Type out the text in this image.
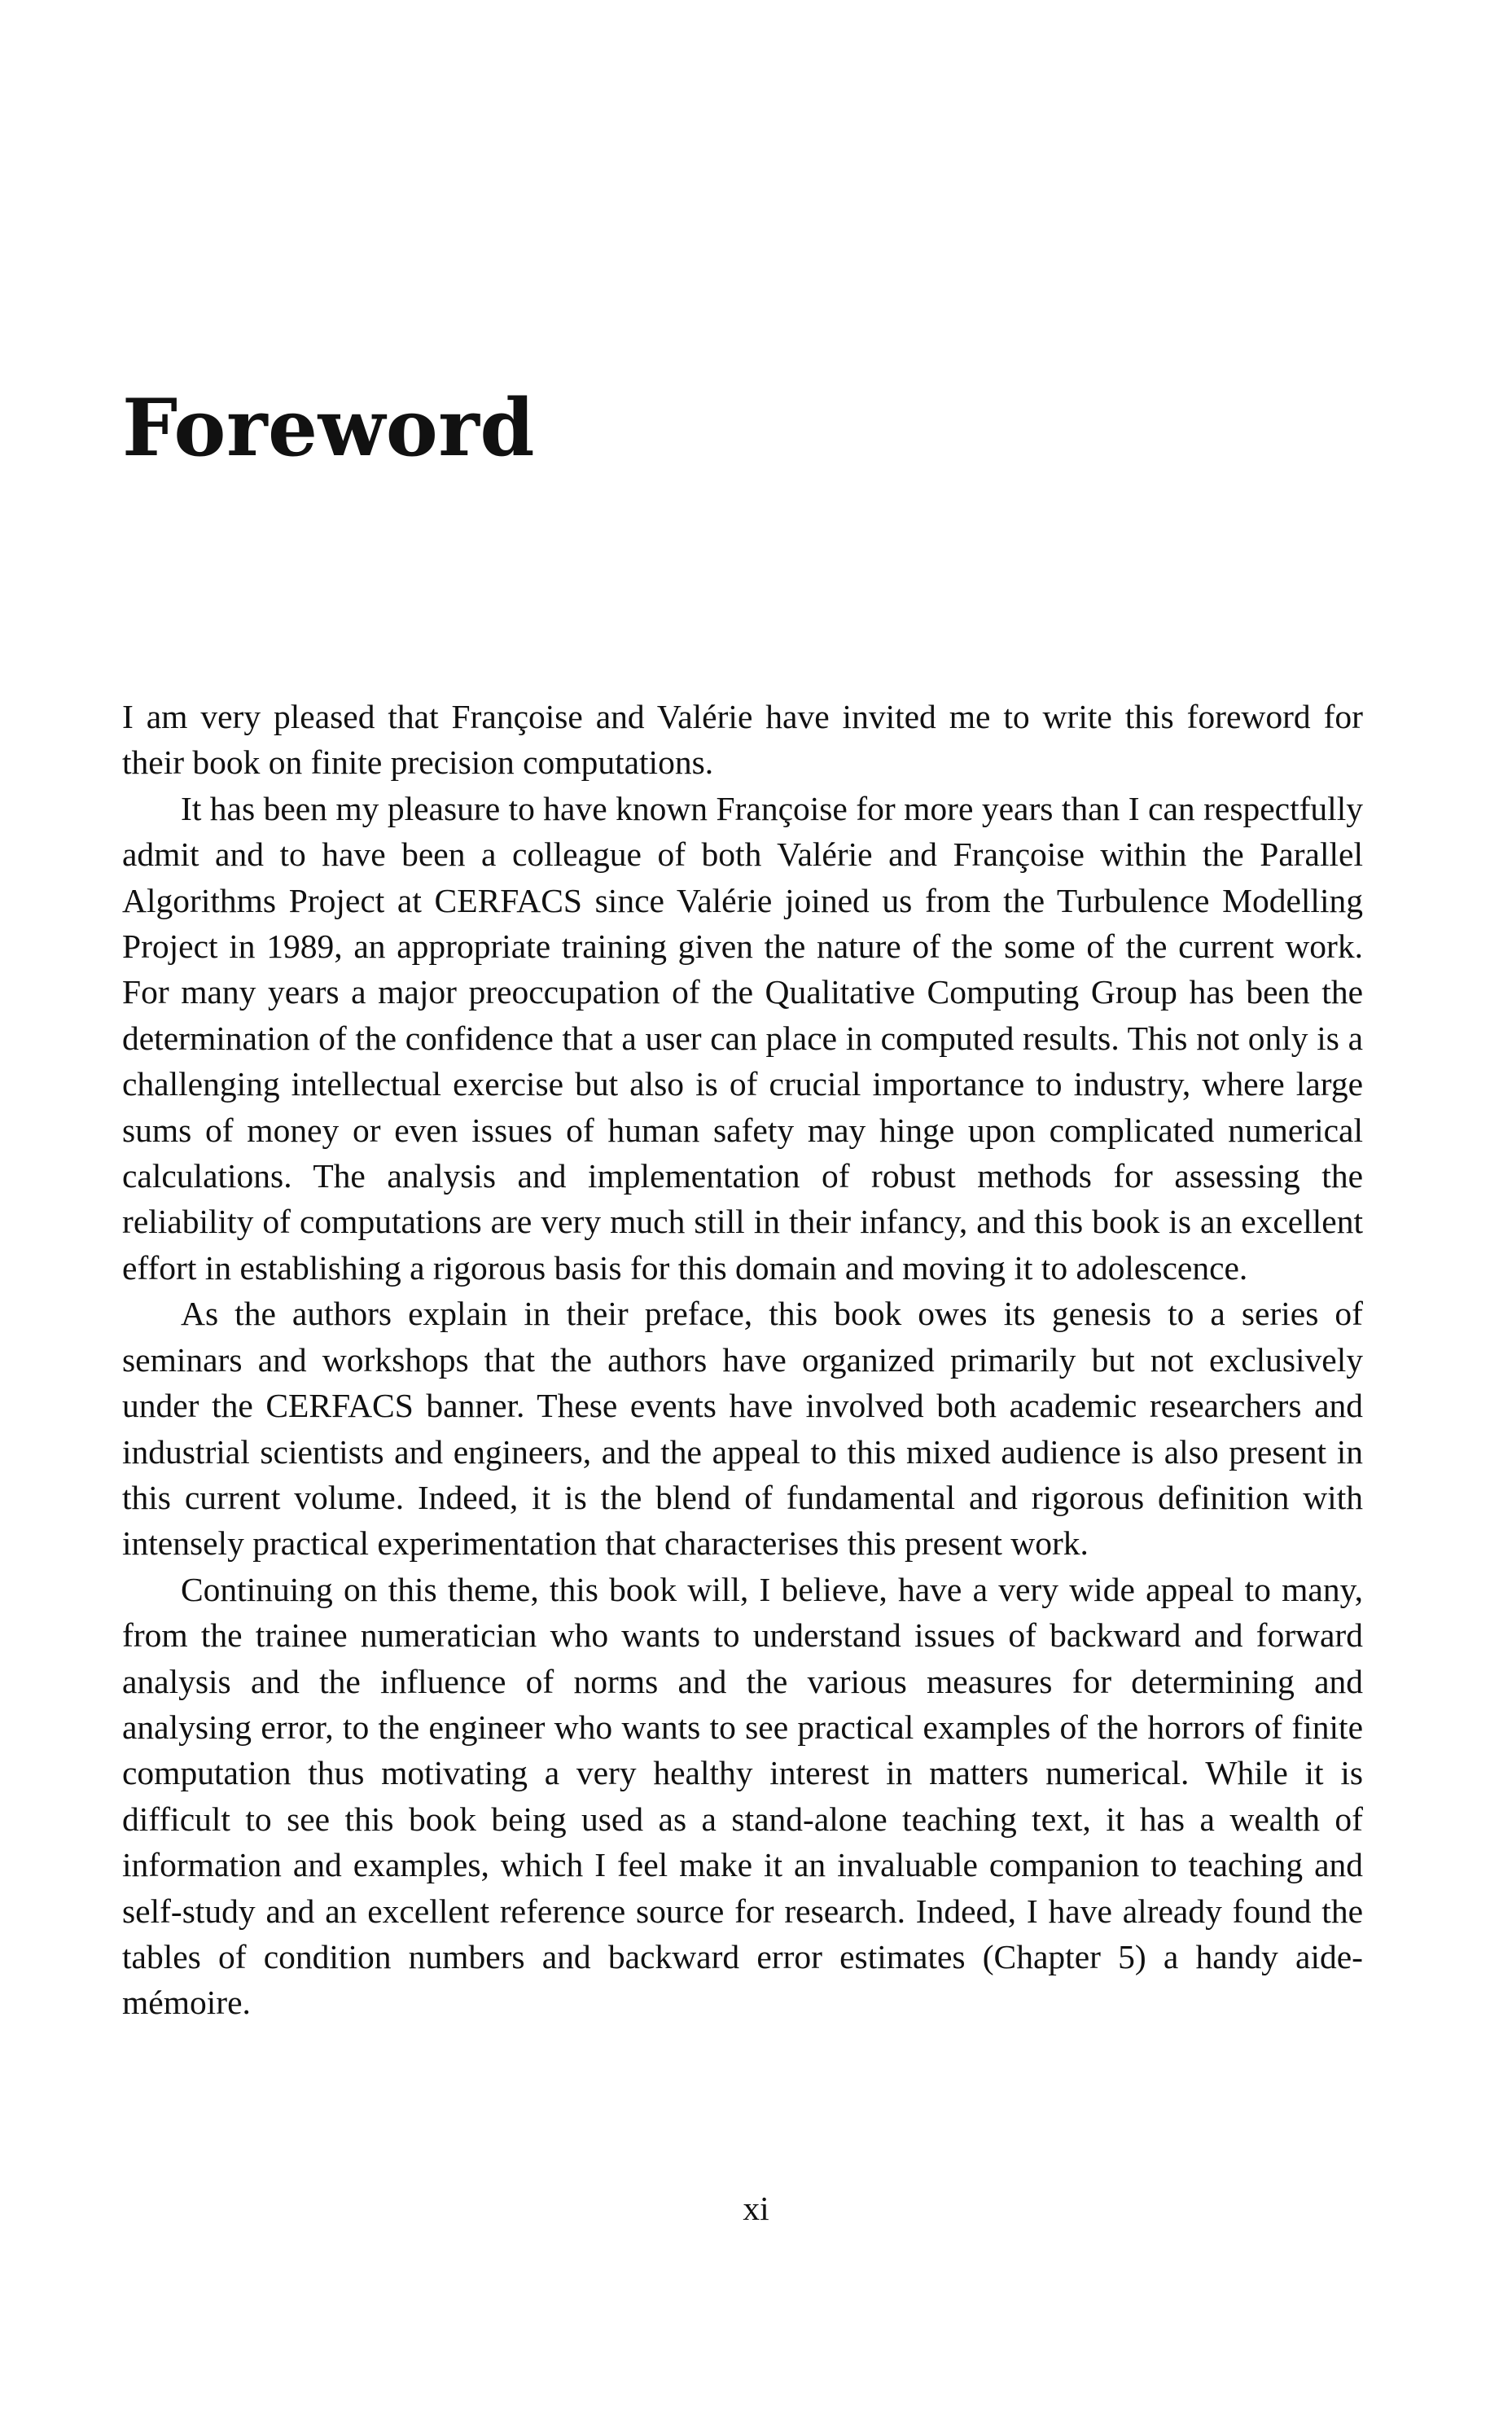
Foreword

I am very pleased that Françoise and Valérie have invited me to write this foreword for their book on finite precision computations.

It has been my pleasure to have known Françoise for more years than I can respectfully admit and to have been a colleague of both Valérie and Françoise within the Parallel Algorithms Project at CERFACS since Valérie joined us from the Turbulence Modelling Project in 1989, an appropriate training given the nature of the some of the current work. For many years a major preoccupation of the Qualitative Computing Group has been the determination of the confidence that a user can place in computed results. This not only is a challenging intellectual exercise but also is of crucial importance to industry, where large sums of money or even issues of human safety may hinge upon complicated numerical calculations. The analysis and implementation of robust methods for assessing the reliability of computations are very much still in their infancy, and this book is an excellent effort in establishing a rigorous basis for this domain and moving it to adolescence.

As the authors explain in their preface, this book owes its genesis to a series of seminars and workshops that the authors have organized primarily but not exclusively under the CERFACS banner. These events have involved both academic researchers and industrial scientists and engineers, and the appeal to this mixed audience is also present in this current volume. Indeed, it is the blend of fundamental and rigorous definition with intensely practical experimentation that characterises this present work.

Continuing on this theme, this book will, I believe, have a very wide appeal to many, from the trainee numeratician who wants to understand issues of backward and forward analysis and the influence of norms and the various measures for determining and analysing error, to the engineer who wants to see practical examples of the horrors of finite computation thus motivating a very healthy interest in matters numerical. While it is difficult to see this book being used as a stand-alone teaching text, it has a wealth of information and examples, which I feel make it an invaluable companion to teaching and self-study and an excellent reference source for research. Indeed, I have already found the tables of condition numbers and backward error estimates (Chapter 5) a handy aide-mémoire.

xi
